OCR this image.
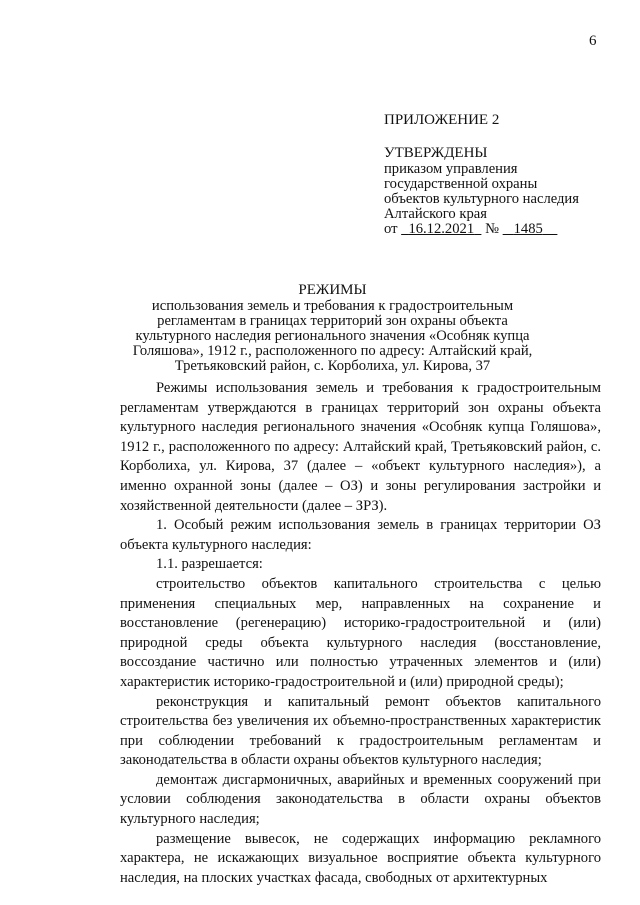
6
ПРИЛОЖЕНИЕ 2
УТВЕРЖДЕНЫ
приказом управления
государственной охраны
объектов культурного наследия
Алтайского края
от 16.12.2021 № 1485
РЕЖИМЫ
использования земель и требования к градостроительным
регламентам в границах территорий зон охраны объекта
культурного наследия регионального значения «Особняк купца
Голяшова», 1912 г., расположенного по адресу: Алтайский край,
Третьяковский район, с. Корболиха, ул. Кирова, 37

Режимы использования земель и требования к градостроительным регламентам утверждаются в границах территорий зон охраны объекта культурного наследия регионального значения «Особняк купца Голяшова», 1912 г., расположенного по адресу: Алтайский край, Третьяковский район, с. Корболиха, ул. Кирова, 37 (далее – «объект культурного наследия»), а именно охранной зоны (далее – ОЗ) и зоны регулирования застройки и хозяйственной деятельности (далее – ЗРЗ).

1. Особый режим использования земель в границах территории ОЗ объекта культурного наследия:

1.1. разрешается:

строительство объектов капитального строительства с целью применения специальных мер, направленных на сохранение и восстановление (регенерацию) историко-градостроительной и (или) природной среды объекта культурного наследия (восстановление, воссоздание частично или полностью утраченных элементов и (или) характеристик историко-градостроительной и (или) природной среды);

реконструкция и капитальный ремонт объектов капитального строительства без увеличения их объемно-пространственных характеристик при соблюдении требований к градостроительным регламентам и законодательства в области охраны объектов культурного наследия;

демонтаж дисгармоничных, аварийных и временных сооружений при условии соблюдения законодательства в области охраны объектов культурного наследия;

размещение вывесок, не содержащих информацию рекламного характера, не искажающих визуальное восприятие объекта культурного наследия, на плоских участках фасада, свободных от архитектурных
